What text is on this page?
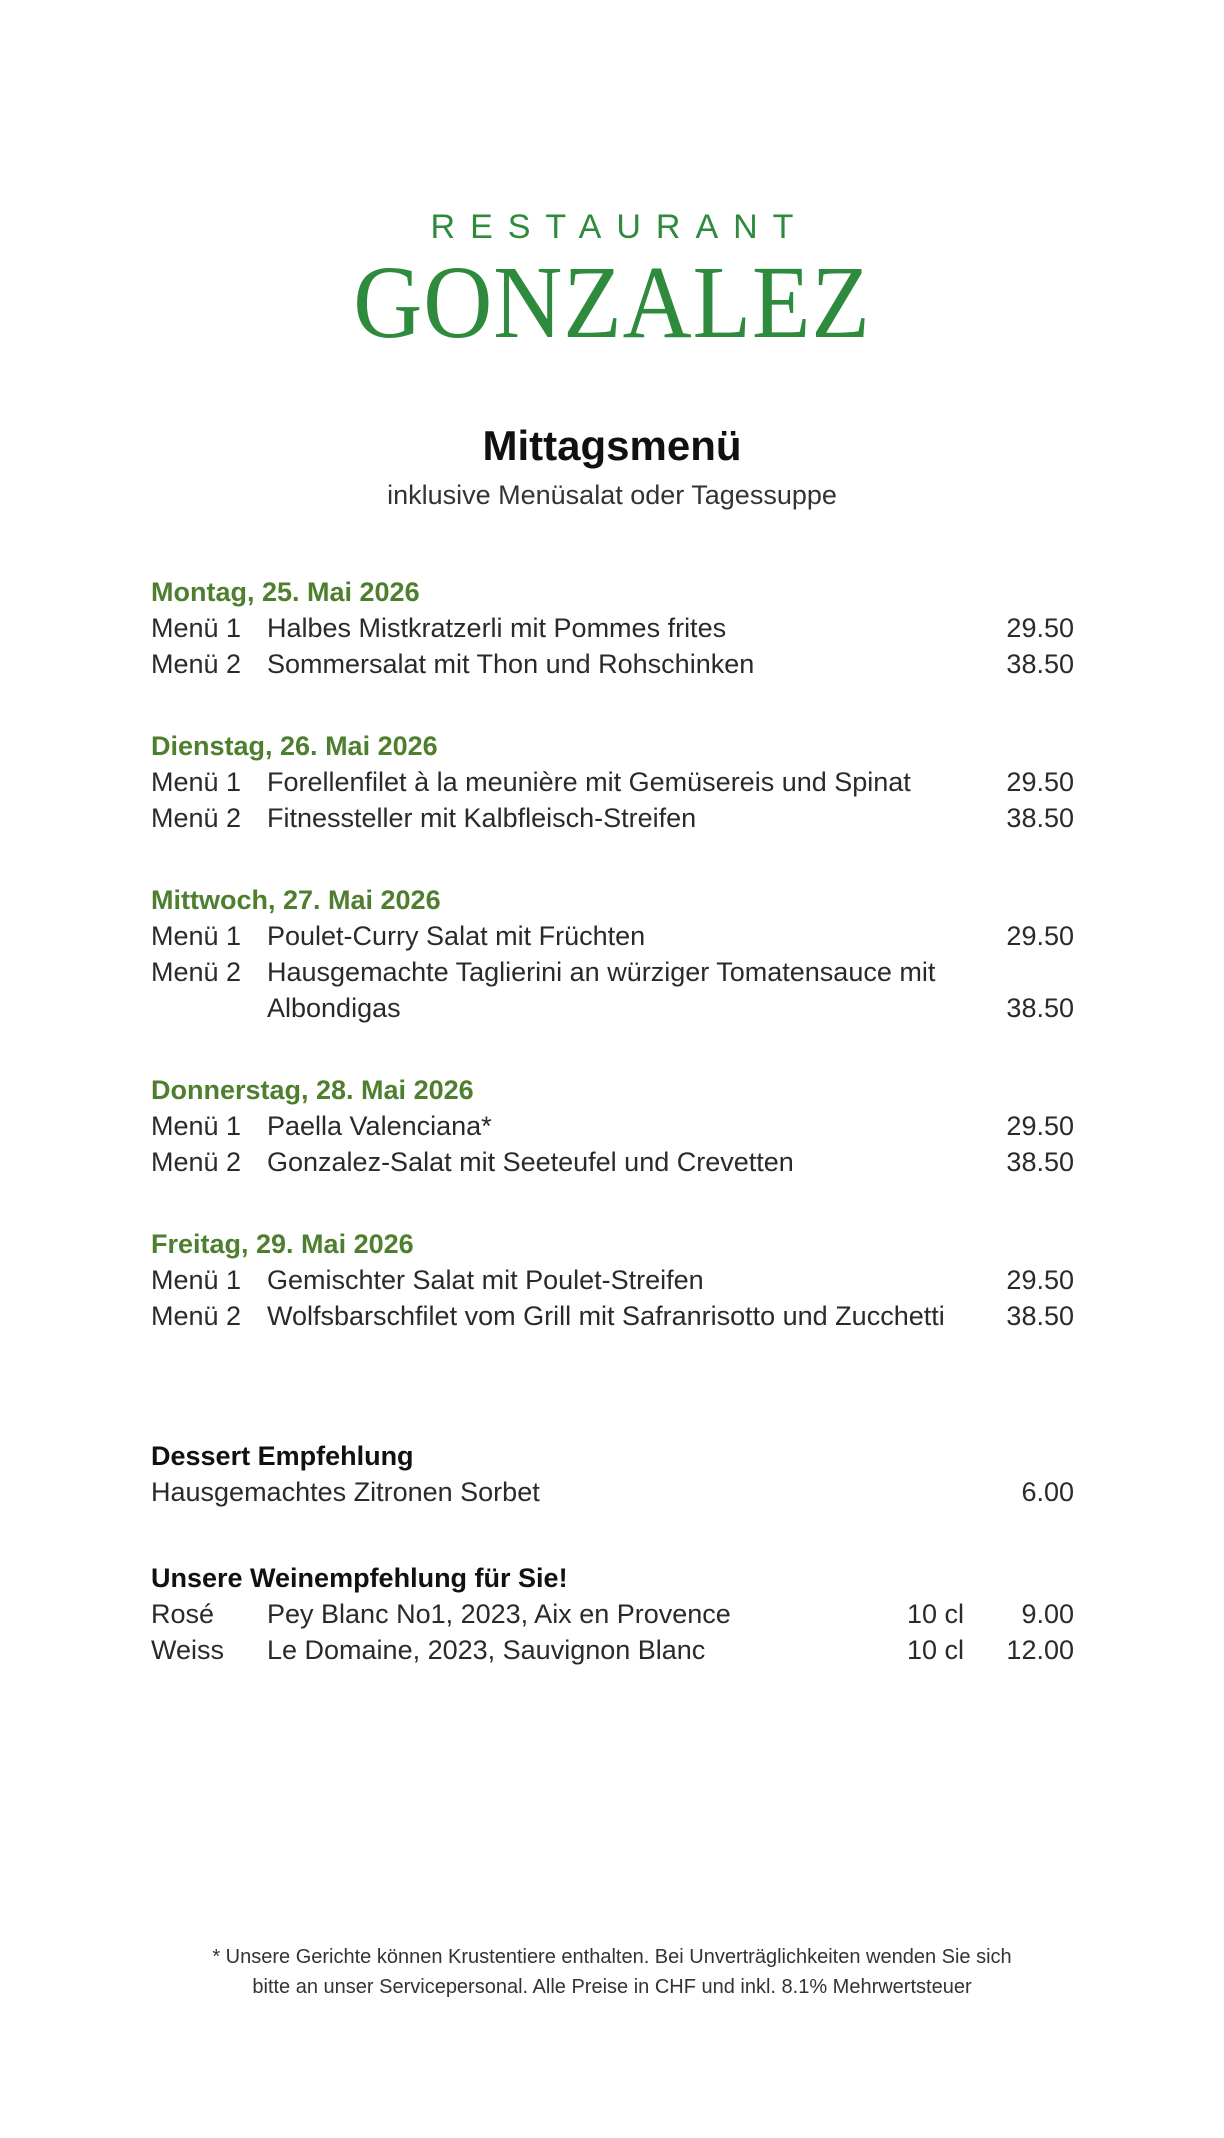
RESTAURANT
GONZALEZ
Mittagsmenü
inklusive Menüsalat oder Tagessuppe
Montag, 25. Mai 2026
Menü 1 Halbes Mistkratzerli mit Pommes frites	29.50
Menü 2 Sommersalat mit Thon und Rohschinken	38.50
Dienstag, 26. Mai 2026
Menü 1 Forellenfilet à la meunière mit Gemüsereis und Spinat	29.50
Menü 2 Fitnessteller mit Kalbfleisch-Streifen	38.50
Mittwoch, 27. Mai 2026
Menü 1 Poulet-Curry Salat mit Früchten	29.50
Menü 2 Hausgemachte Taglierini an würziger Tomatensauce mit
Albondigas	38.50
Donnerstag, 28. Mai 2026
Menü 1 Paella Valenciana*	29.50
Menü 2 Gonzalez-Salat mit Seeteufel und Crevetten	38.50
Freitag, 29. Mai 2026
Menü 1 Gemischter Salat mit Poulet-Streifen	29.50
Menü 2 Wolfsbarschfilet vom Grill mit Safranrisotto und Zucchetti	38.50
Dessert Empfehlung
Hausgemachtes Zitronen Sorbet	6.00
Unsere Weinempfehlung für Sie!
Rosé	Pey Blanc No1, 2023, Aix en Provence	10 cl	9.00
Weiss	Le Domaine, 2023, Sauvignon Blanc	10 cl	12.00
* Unsere Gerichte können Krustentiere enthalten. Bei Unverträglichkeiten wenden Sie sich
bitte an unser Servicepersonal. Alle Preise in CHF und inkl. 8.1% Mehrwertsteuer
